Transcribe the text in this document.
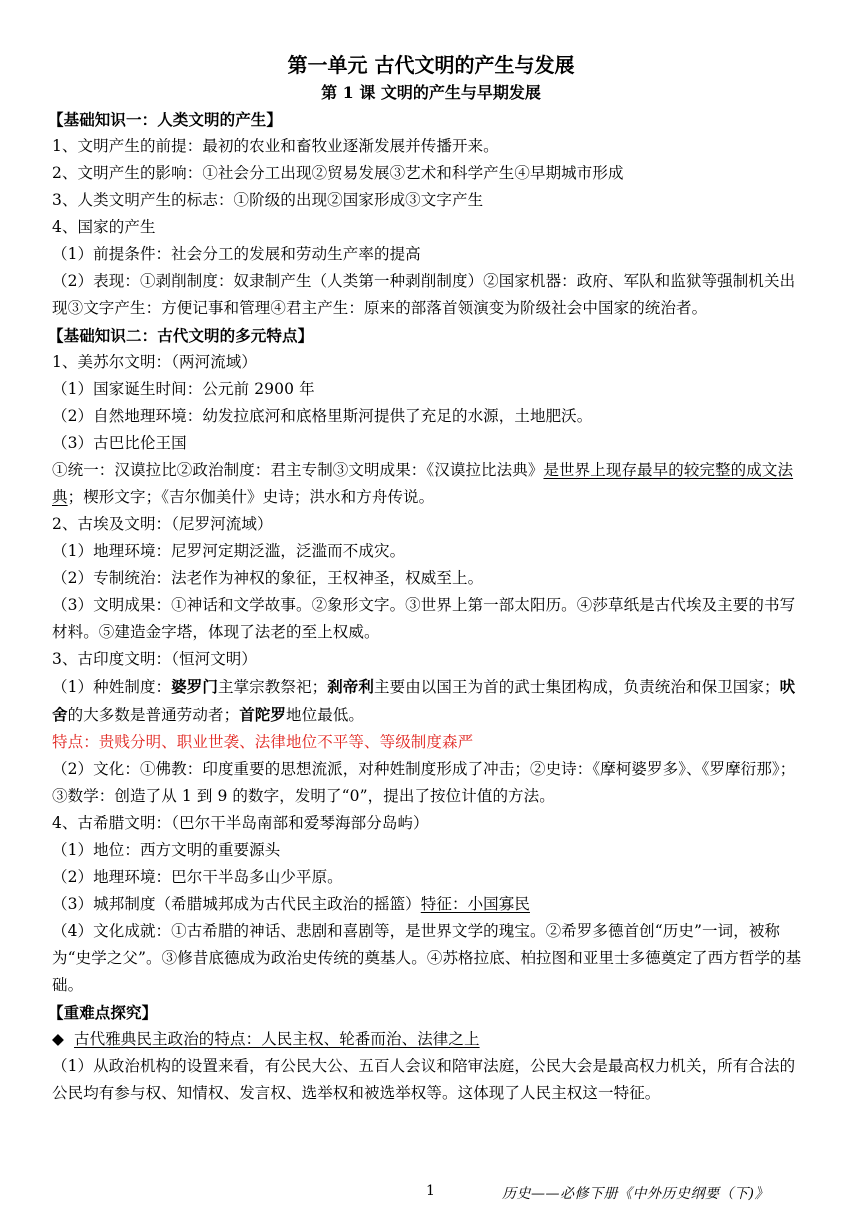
第一单元 古代文明的产生与发展

第 1 课 文明的产生与早期发展

【基础知识一：人类文明的产生】

1、文明产生的前提：最初的农业和畜牧业逐渐发展并传播开来。

2、文明产生的影响：①社会分工出现②贸易发展③艺术和科学产生④早期城市形成

3、人类文明产生的标志：①阶级的出现②国家形成③文字产生

4、国家的产生

（1）前提条件：社会分工的发展和劳动生产率的提高

（2）表现：①剥削制度：奴隶制产生（人类第一种剥削制度）②国家机器：政府、军队和监狱等强制机关出现③文字产生：方便记事和管理④君主产生：原来的部落首领演变为阶级社会中国家的统治者。

【基础知识二：古代文明的多元特点】

1、美苏尔文明：（两河流域）

（1）国家诞生时间：公元前 2900 年

（2）自然地理环境：幼发拉底河和底格里斯河提供了充足的水源，土地肥沃。

（3）古巴比伦王国

①统一：汉谟拉比②政治制度：君主专制③文明成果：《汉谟拉比法典》是世界上现存最早的较完整的成文法典；楔形文字；《吉尔伽美什》史诗；洪水和方舟传说。

2、古埃及文明：（尼罗河流域）

（1）地理环境：尼罗河定期泛滥，泛滥而不成灾。

（2）专制统治：法老作为神权的象征，王权神圣，权威至上。

（3）文明成果：①神话和文学故事。②象形文字。③世界上第一部太阳历。④莎草纸是古代埃及主要的书写材料。⑤建造金字塔，体现了法老的至上权威。

3、古印度文明：（恒河文明）

（1）种姓制度：婆罗门主掌宗教祭祀；刹帝利主要由以国王为首的武士集团构成，负责统治和保卫国家；吠舍的大多数是普通劳动者；首陀罗地位最低。

特点：贵贱分明、职业世袭、法律地位不平等、等级制度森严

（2）文化：①佛教：印度重要的思想流派，对种姓制度形成了冲击；②史诗：《摩柯婆罗多》、《罗摩衍那》；③数学：创造了从 1 到 9 的数字，发明了“0”，提出了按位计值的方法。

4、古希腊文明：（巴尔干半岛南部和爱琴海部分岛屿）

（1）地位：西方文明的重要源头

（2）地理环境：巴尔干半岛多山少平原。

（3）城邦制度（希腊城邦成为古代民主政治的摇篮）特征：小国寡民

（4）文化成就：①古希腊的神话、悲剧和喜剧等，是世界文学的瑰宝。②希罗多德首创“历史”一词，被称为“史学之父”。③修昔底德成为政治史传统的奠基人。④苏格拉底、柏拉图和亚里士多德奠定了西方哲学的基础。

【重难点探究】

◆ 古代雅典民主政治的特点：人民主权、轮番而治、法律之上

（1）从政治机构的设置来看，有公民大公、五百人会议和陪审法庭，公民大会是最高权力机关，所有合法的公民均有参与权、知情权、发言权、选举权和被选举权等。这体现了人民主权这一特征。

1	历史——必修下册《中外历史纲要（下)》
